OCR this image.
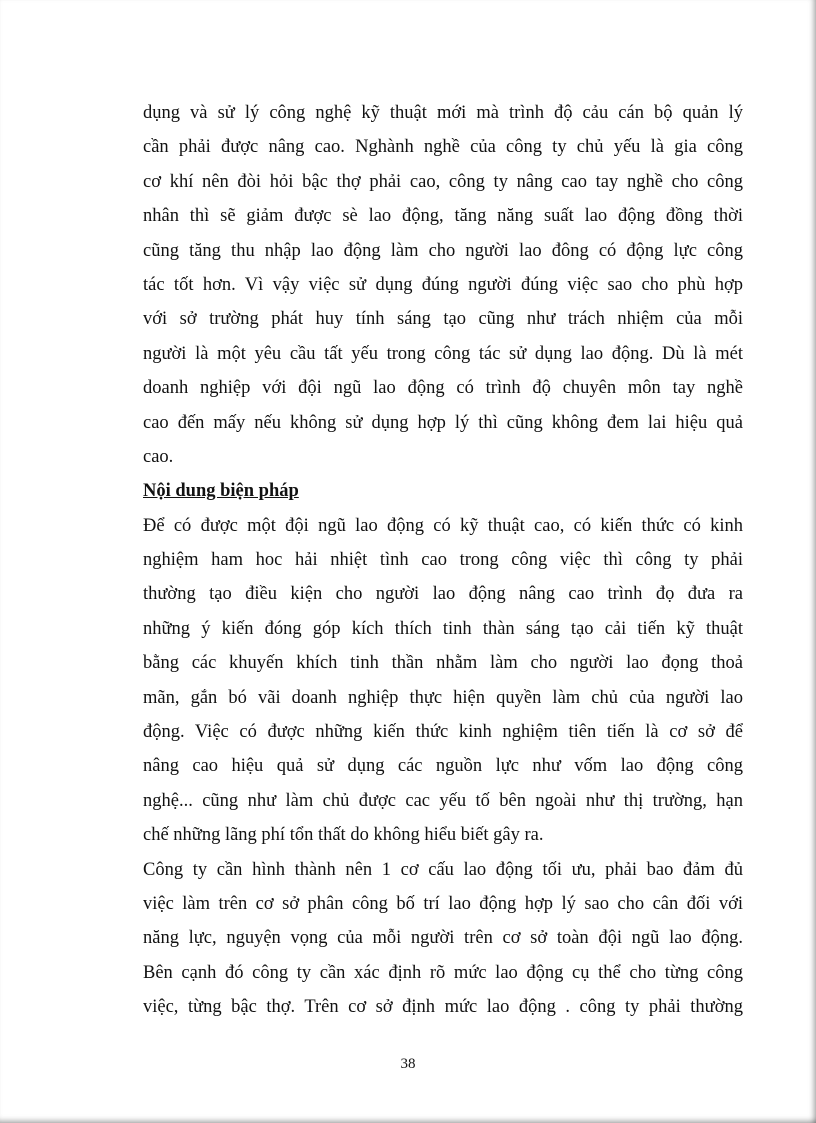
dụng và sử lý công nghệ kỹ thuật mới mà trình độ cảu cán bộ quản lý
cần phải được nâng cao. Nghành nghề của công ty chủ yếu là gia công
cơ khí nên đòi hỏi bậc thợ phải cao, công ty nâng cao tay nghề cho công
nhân thì sẽ giảm được sè lao động, tăng năng suất lao động đồng thời
cũng tăng thu nhập lao động làm cho người lao đông có động lực công
tác tốt hơn. Vì vậy việc sử dụng đúng người đúng việc sao cho phù hợp
với sở trường phát huy tính sáng tạo cũng như trách nhiệm của mỗi
người là một yêu cầu tất yếu trong công tác sử dụng lao động. Dù là mét
doanh nghiệp với đội ngũ lao động có trình độ chuyên môn tay nghề
cao đến mấy nếu không sử dụng hợp lý thì cũng không đem lai hiệu quả
cao.
Nội dung biện pháp
Để có được một đội ngũ lao động có kỹ thuật cao, có kiến thức có kinh
nghiệm ham hoc hải nhiệt tình cao trong công việc thì công ty phải
thường tạo điều kiện cho người lao động nâng cao trình đọ đưa ra
những ý kiến đóng góp kích thích tinh thàn sáng tạo cải tiến kỹ thuật
bằng các khuyến khích tinh thần nhằm làm cho người lao đọng thoả
mãn, gắn bó vãi doanh nghiệp thực hiện quyền làm chủ của người lao
động. Việc có được những kiến thức kinh nghiệm tiên tiến là cơ sở để
nâng cao hiệu quả sử dụng các nguồn lực như vốm lao động công
nghệ... cũng như làm chủ được cac yếu tố bên ngoài như thị trường, hạn
chế những lãng phí tổn thất do không hiểu biết gây ra.
Công ty cần hình thành nên 1 cơ cấu lao động tối ưu, phải bao đảm đủ
việc làm trên cơ sở phân công bố trí lao động hợp lý sao cho cân đối với
năng lực, nguyện vọng của mỗi người trên cơ sở toàn đội ngũ lao động.
Bên cạnh đó công ty cần xác định rõ mức lao động cụ thể cho từng công
việc, từng bậc thợ. Trên cơ sở định mức lao động . công ty phải thường
38
